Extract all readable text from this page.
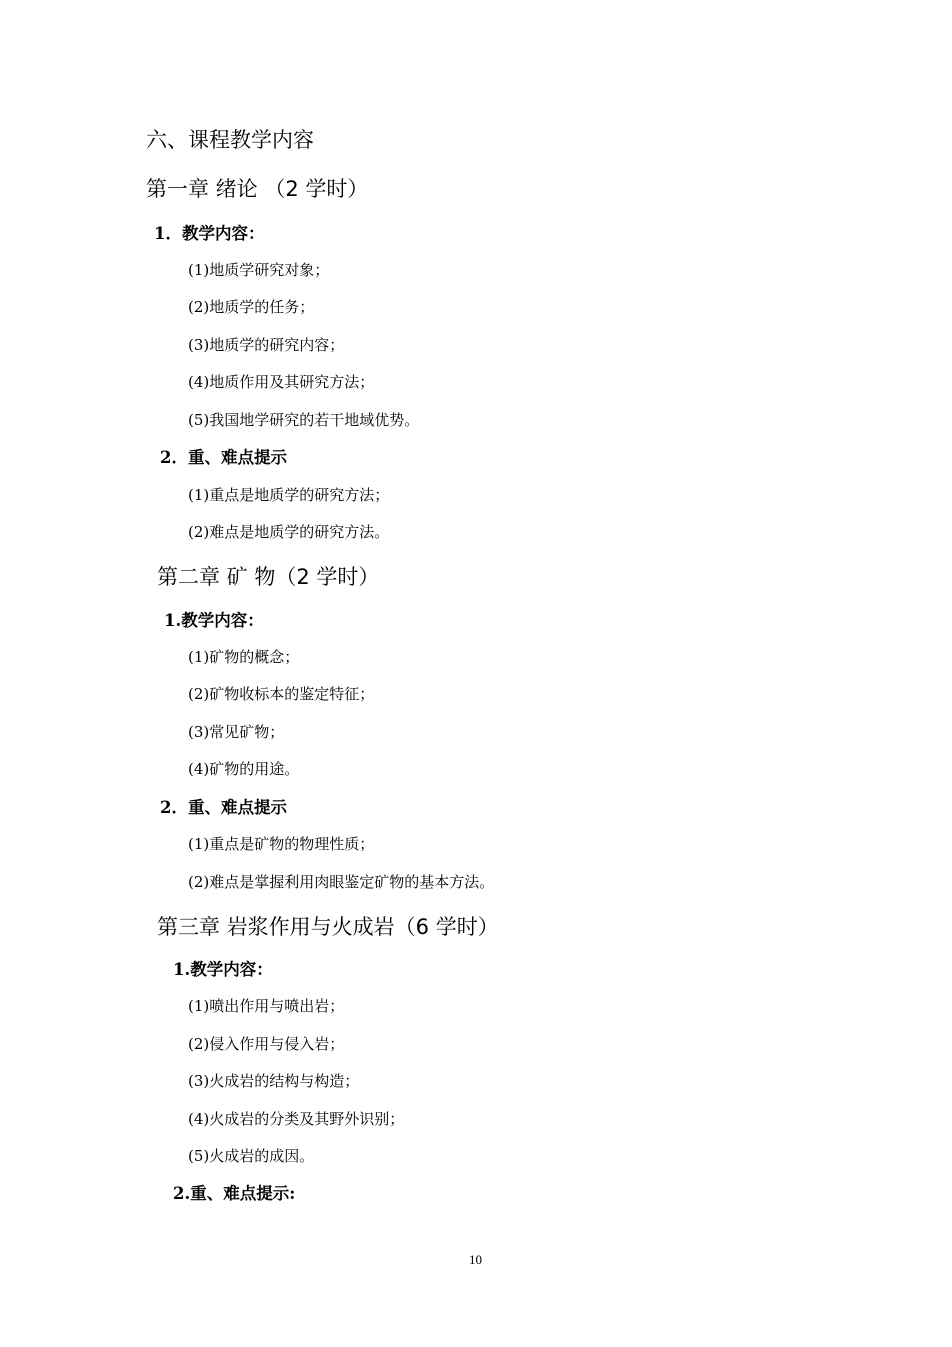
六、课程教学内容
第一章 绪论 （2 学时）
1．教学内容：
(1)地质学研究对象；
(2)地质学的任务；
(3)地质学的研究内容；
(4)地质作用及其研究方法；
(5)我国地学研究的若干地域优势。
2．重、难点提示
(1)重点是地质学的研究方法；
(2)难点是地质学的研究方法。
第二章 矿 物（2 学时）
1.教学内容：
(1)矿物的概念；
(2)矿物收标本的鉴定特征；
(3)常见矿物；
(4)矿物的用途。
2．重、难点提示
(1)重点是矿物的物理性质；
(2)难点是掌握利用肉眼鉴定矿物的基本方法。
第三章 岩浆作用与火成岩（6 学时）
1.教学内容：
(1)喷出作用与喷出岩；
(2)侵入作用与侵入岩；
(3)火成岩的结构与构造；
(4)火成岩的分类及其野外识别；
(5)火成岩的成因。
2.重、难点提示:
10
